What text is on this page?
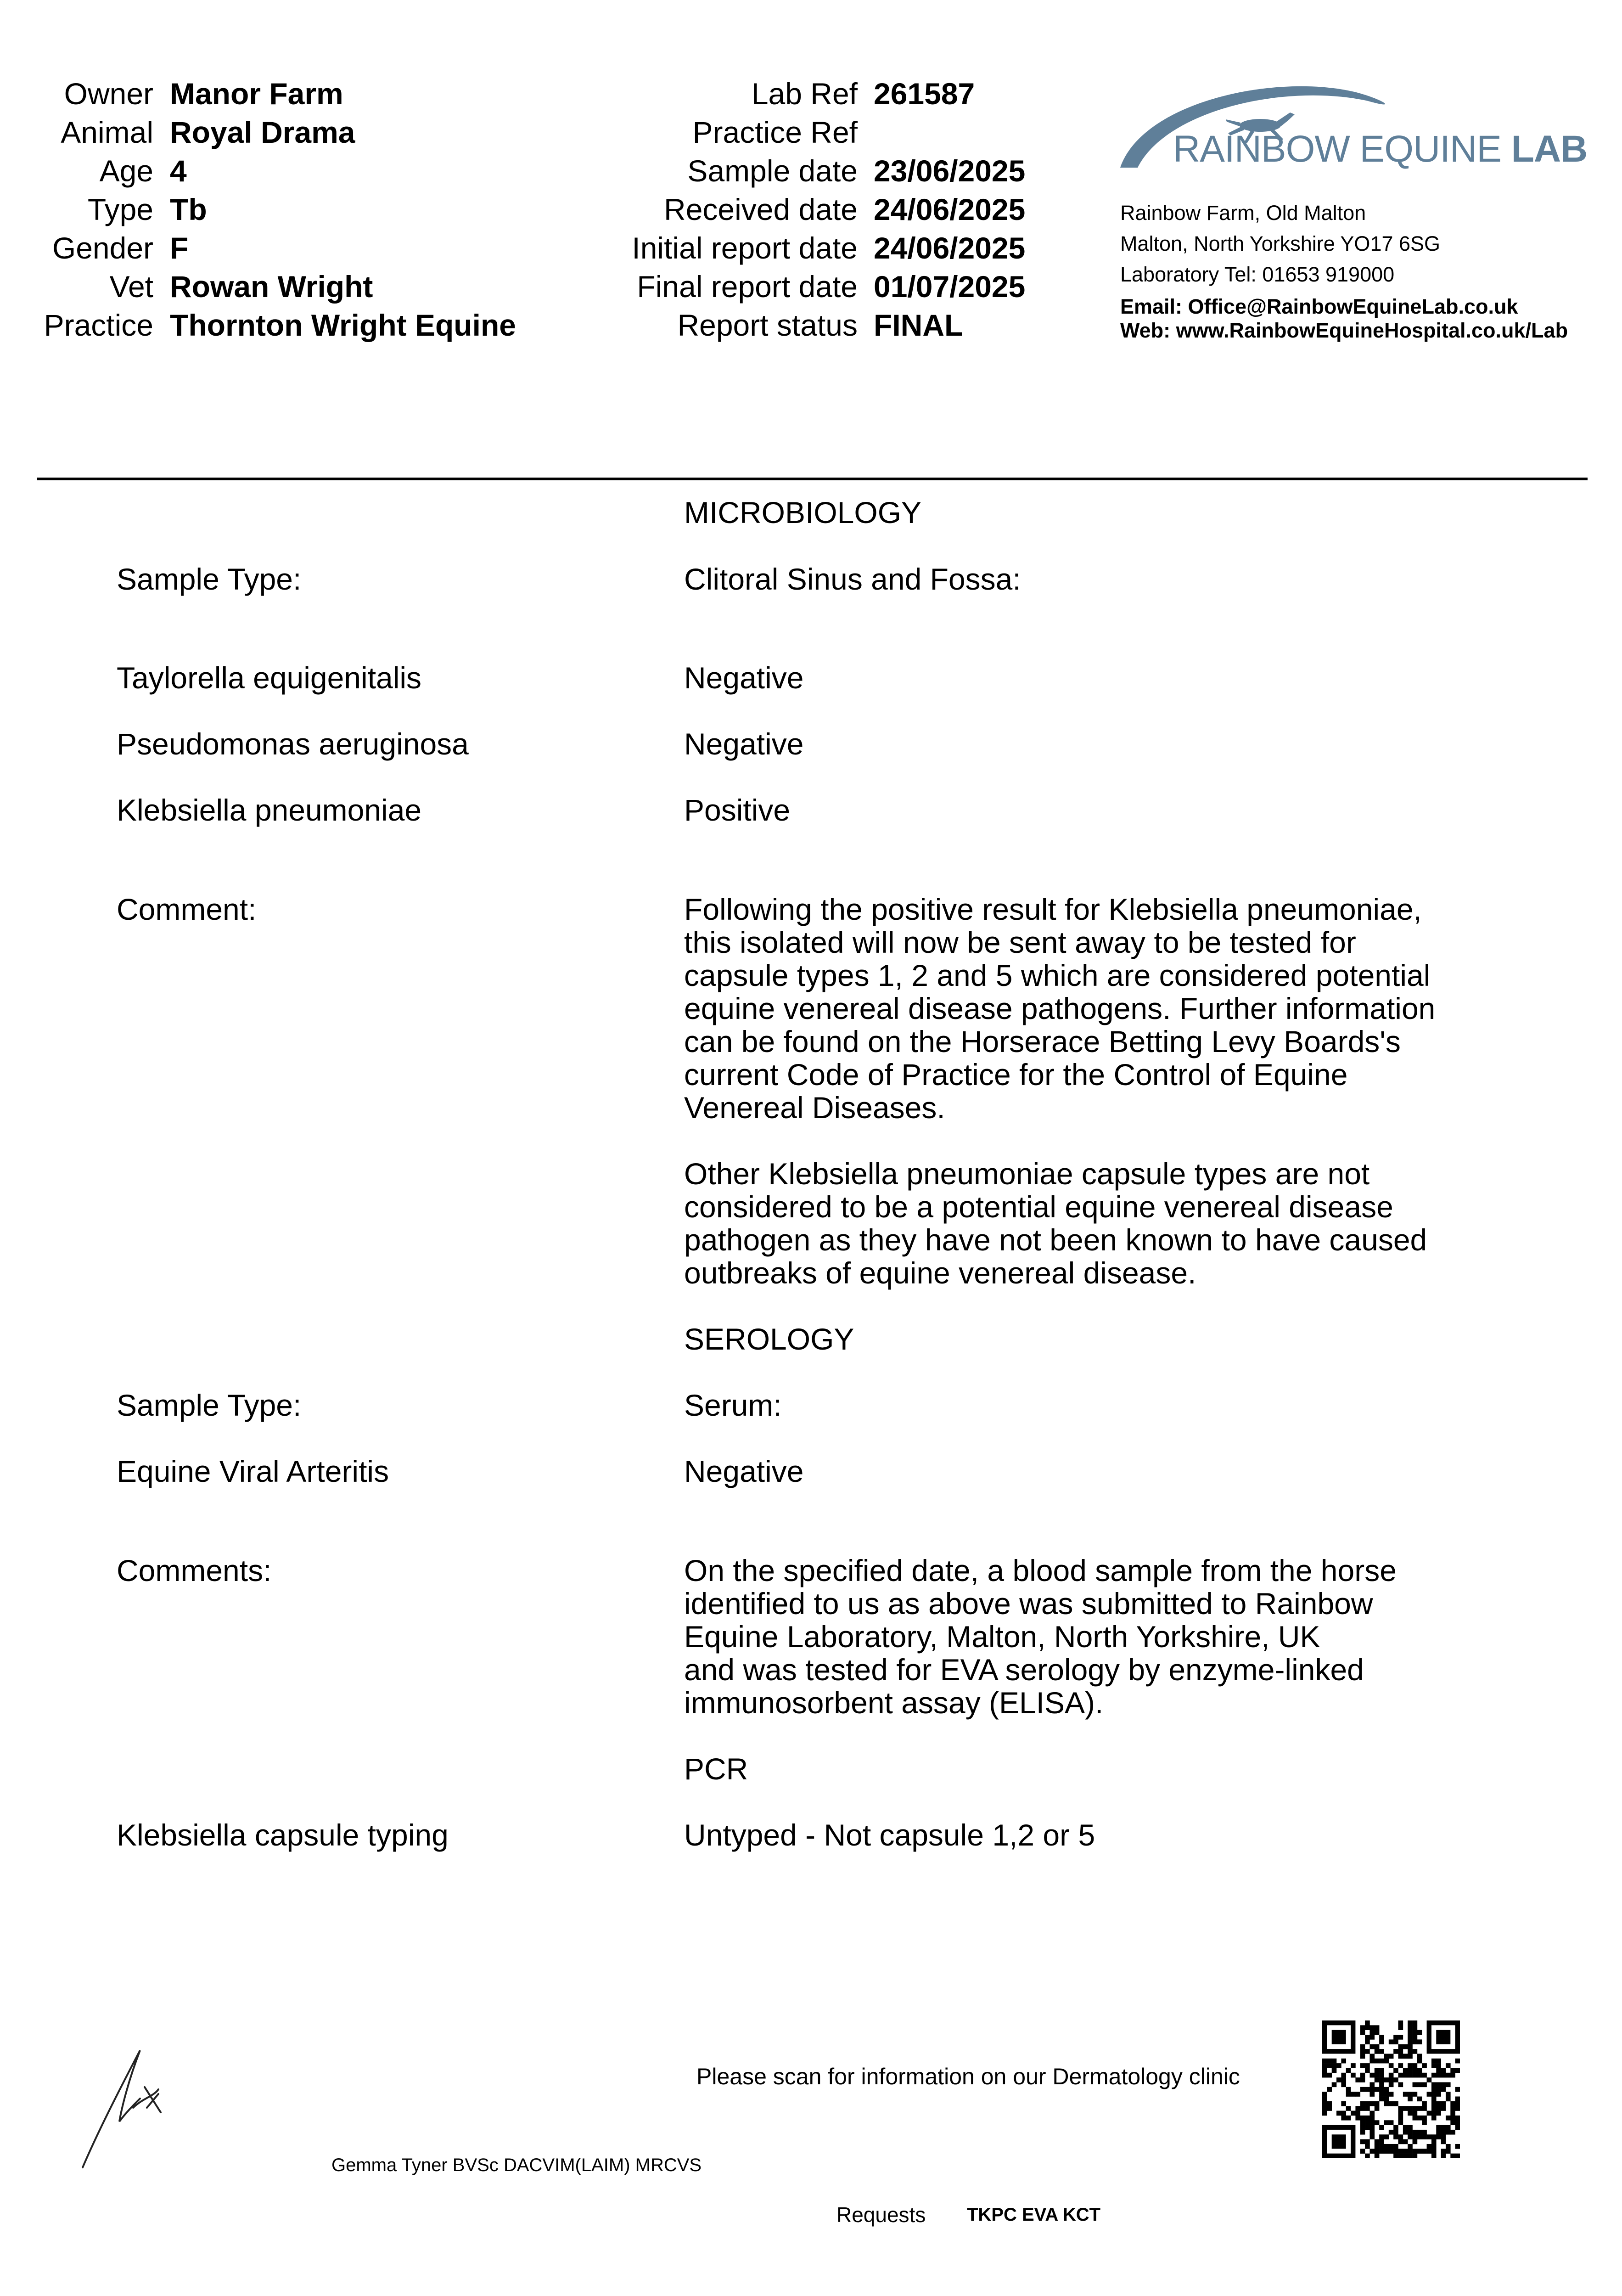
Owner Manor Farm
Animal Royal Drama
Age 4
Type Tb
Gender F
Vet Rowan Wright
Practice Thornton Wright Equine
Lab Ref 261587
Practice Ref
Sample date 23/06/2025
Received date 24/06/2025
Initial report date 24/06/2025
Final report date 01/07/2025
Report status FINAL
RAINBOW EQUINE LAB
Rainbow Farm, Old Malton
Malton, North Yorkshire YO17 6SG
Laboratory Tel: 01653 919000
Email: Office@RainbowEquineLab.co.uk
Web: www.RainbowEquineHospital.co.uk/Lab
MICROBIOLOGY
Sample Type:	Clitoral Sinus and Fossa:
Taylorella equigenitalis	Negative
Pseudomonas aeruginosa	Negative
Klebsiella pneumoniae	Positive
Comment:	Following the positive result for Klebsiella pneumoniae,
this isolated will now be sent away to be tested for
capsule types 1, 2 and 5 which are considered potential
equine venereal disease pathogens. Further information
can be found on the Horserace Betting Levy Boards's
current Code of Practice for the Control of Equine
Venereal Diseases.
Other Klebsiella pneumoniae capsule types are not
considered to be a potential equine venereal disease
pathogen as they have not been known to have caused
outbreaks of equine venereal disease.
SEROLOGY
Sample Type:	Serum:
Equine Viral Arteritis	Negative
Comments:	On the specified date, a blood sample from the horse
identified to us as above was submitted to Rainbow
Equine Laboratory, Malton, North Yorkshire, UK
and was tested for EVA serology by enzyme-linked
immunosorbent assay (ELISA).
PCR
Klebsiella capsule typing	Untyped - Not capsule 1,2 or 5
Gemma Tyner BVSc DACVIM(LAIM) MRCVS
Please scan for information on our Dermatology clinic
Requests TKPC EVA KCT
